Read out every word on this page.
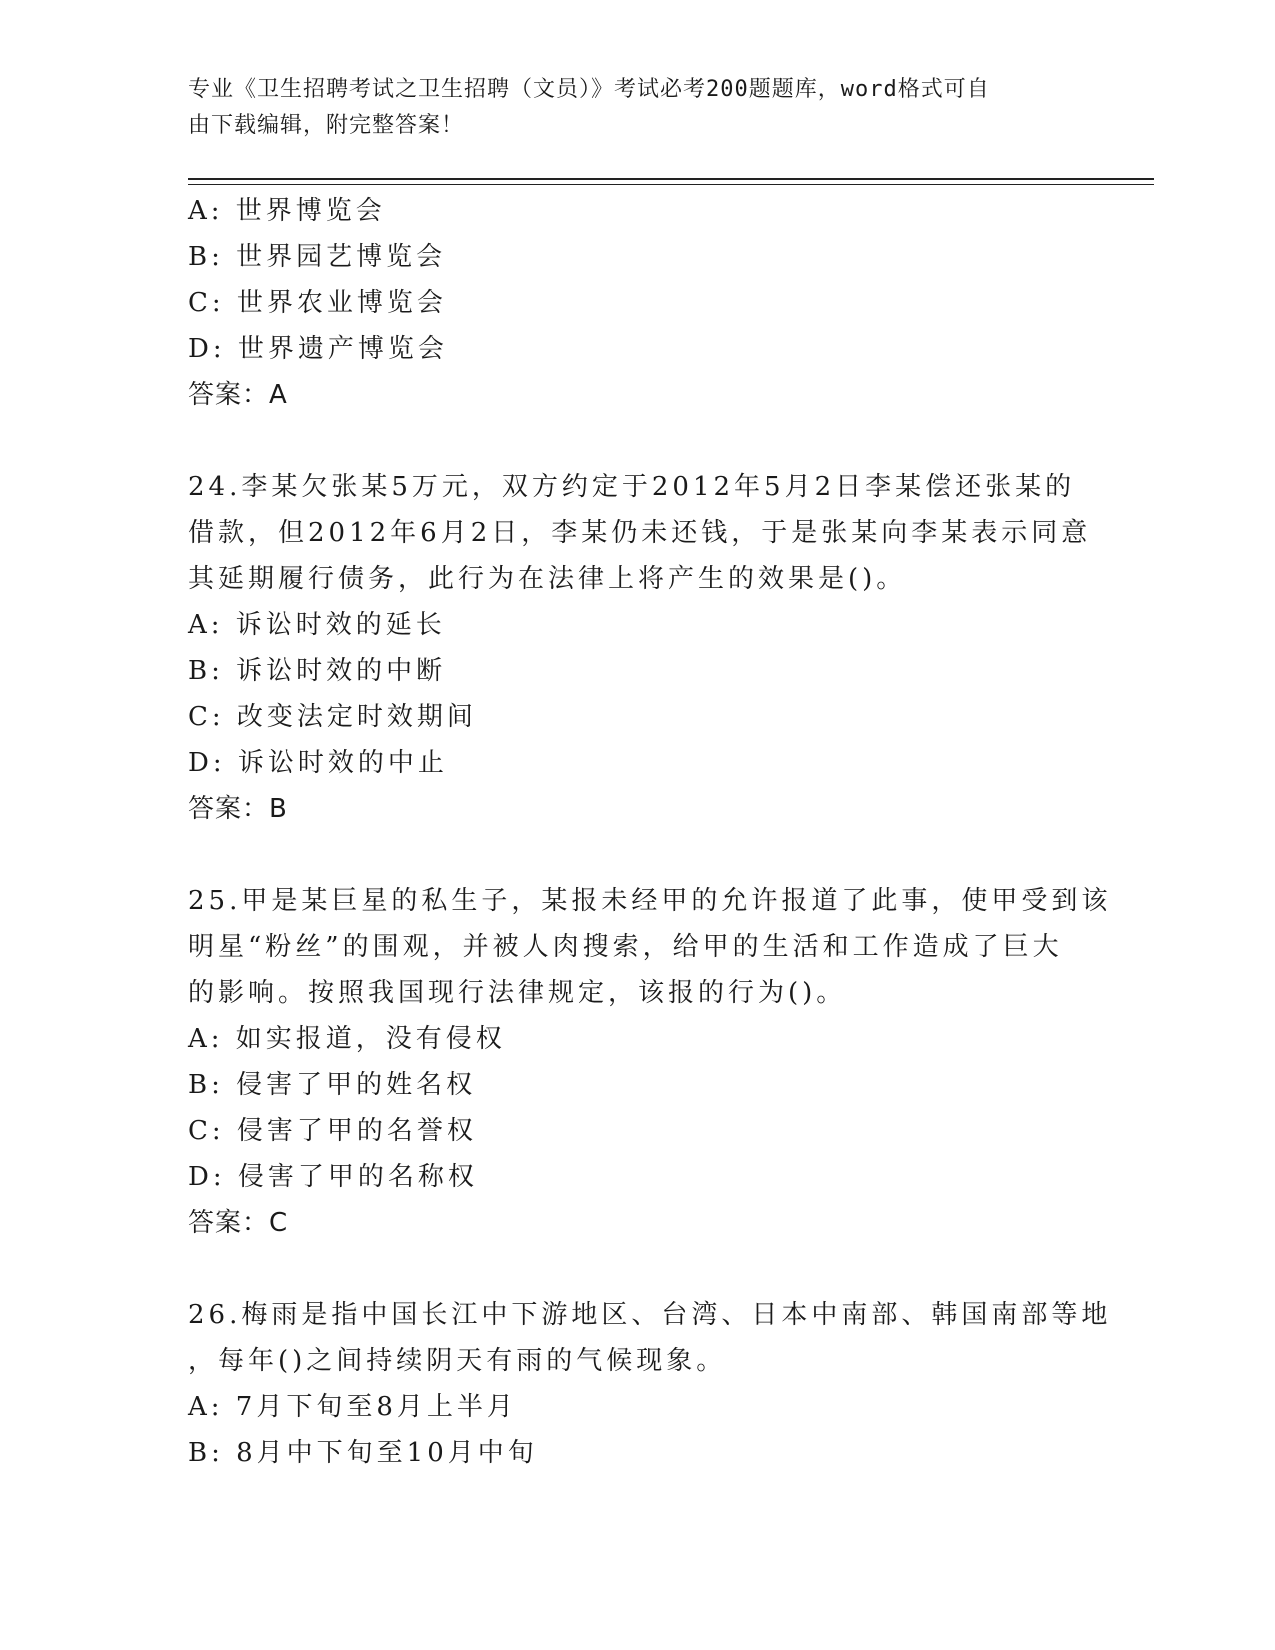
专业《卫生招聘考试之卫生招聘（文员）》考试必考200题题库，word格式可自
由下载编辑，附完整答案！
A: 世界博览会
B: 世界园艺博览会
C: 世界农业博览会
D: 世界遗产博览会
答案：A
24.李某欠张某5万元，双方约定于2012年5月2日李某偿还张某的
借款，但2012年6月2日，李某仍未还钱，于是张某向李某表示同意
其延期履行债务，此行为在法律上将产生的效果是()。
A: 诉讼时效的延长
B: 诉讼时效的中断
C: 改变法定时效期间
D: 诉讼时效的中止
答案：B
25.甲是某巨星的私生子，某报未经甲的允许报道了此事，使甲受到该
明星“粉丝”的围观，并被人肉搜索，给甲的生活和工作造成了巨大
的影响。按照我国现行法律规定，该报的行为()。
A: 如实报道，没有侵权
B: 侵害了甲的姓名权
C: 侵害了甲的名誉权
D: 侵害了甲的名称权
答案：C
26.梅雨是指中国长江中下游地区、台湾、日本中南部、韩国南部等地
，每年()之间持续阴天有雨的气候现象。
A: 7月下旬至8月上半月
B: 8月中下旬至10月中旬
